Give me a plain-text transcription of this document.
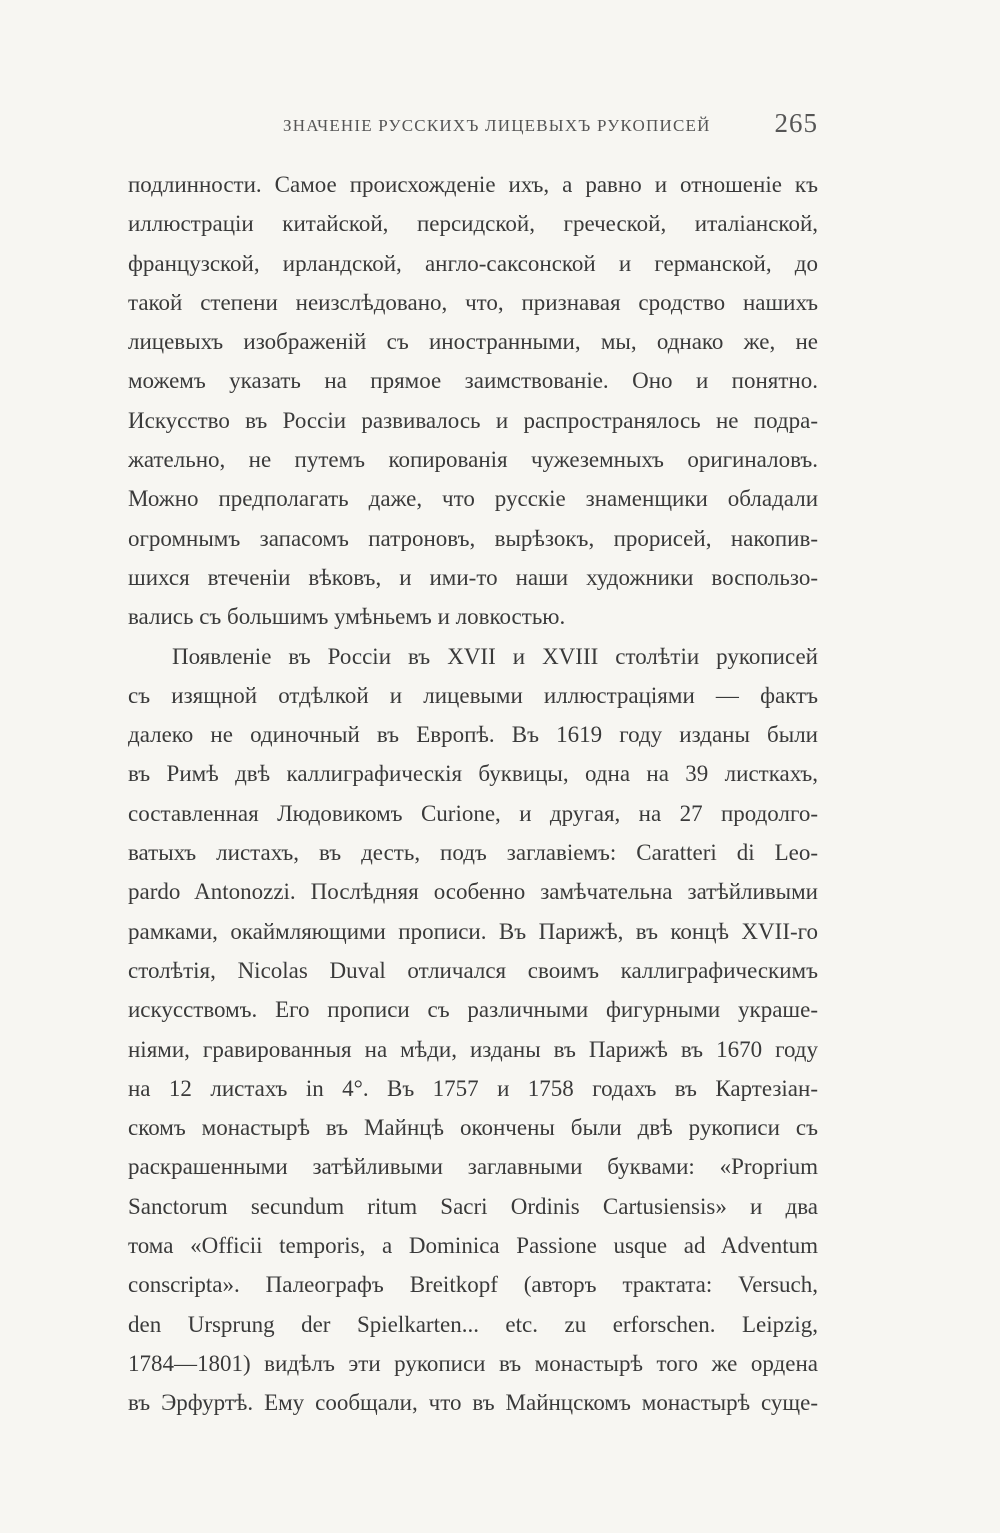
ЗНАЧЕНІЕ РУССКИХЪ ЛИЦЕВЫХЪ РУКОПИСЕЙ 265
подлинности. Самое происхожденіе ихъ, а равно и отношеніе къ
иллюстраціи китайской, персидской, греческой, италіанской,
французской, ирландской, англо-саксонской и германской, до
такой степени неизслѣдовано, что, признавая сродство нашихъ
лицевыхъ изображеній съ иностранными, мы, однако же, не
можемъ указать на прямое заимствованіе. Оно и понятно.
Искусство въ Россіи развивалось и распространялось не подра-
жательно, не путемъ копированія чужеземныхъ оригиналовъ.
Можно предполагать даже, что русскіе знаменщики обладали
огромнымъ запасомъ патроновъ, вырѣзокъ, прорисей, накопив-
шихся втеченіи вѣковъ, и ими-то наши художники воспользо-
вались съ большимъ умѣньемъ и ловкостью.
Появленіе въ Россіи въ XVII и XVIII столѣтіи рукописей
съ изящной отдѣлкой и лицевыми иллюстраціями — фактъ
далеко не одиночный въ Европѣ. Въ 1619 году изданы были
въ Римѣ двѣ каллиграфическія буквицы, одна на 39 листкахъ,
составленная Людовикомъ Curione, и другая, на 27 продолго-
ватыхъ листахъ, въ десть, подъ заглавіемъ: Caratteri di Leo-
pardo Antonozzi. Послѣдняя особенно замѣчательна затѣйливыми
рамками, окаймляющими прописи. Въ Парижѣ, въ концѣ XVII-го
столѣтія, Nicolas Duval отличался своимъ каллиграфическимъ
искусствомъ. Его прописи съ различными фигурными украше-
ніями, гравированныя на мѣди, изданы въ Парижѣ въ 1670 году
на 12 листахъ in 4°. Въ 1757 и 1758 годахъ въ Картезіан-
скомъ монастырѣ въ Майнцѣ окончены были двѣ рукописи съ
раскрашенными затѣйливыми заглавными буквами: «Proprium
Sanctorum secundum ritum Sacri Ordinis Cartusiensis» и два
тома «Officii temporis, a Dominica Passione usque ad Adventum
conscripta». Палеографъ Breitkopf (авторъ трактата: Versuch,
den Ursprung der Spielkarten... etc. zu erforschen. Leipzig,
1784—1801) видѣлъ эти рукописи въ монастырѣ того же ордена
въ Эрфуртѣ. Ему сообщали, что въ Майнцскомъ монастырѣ суще-
